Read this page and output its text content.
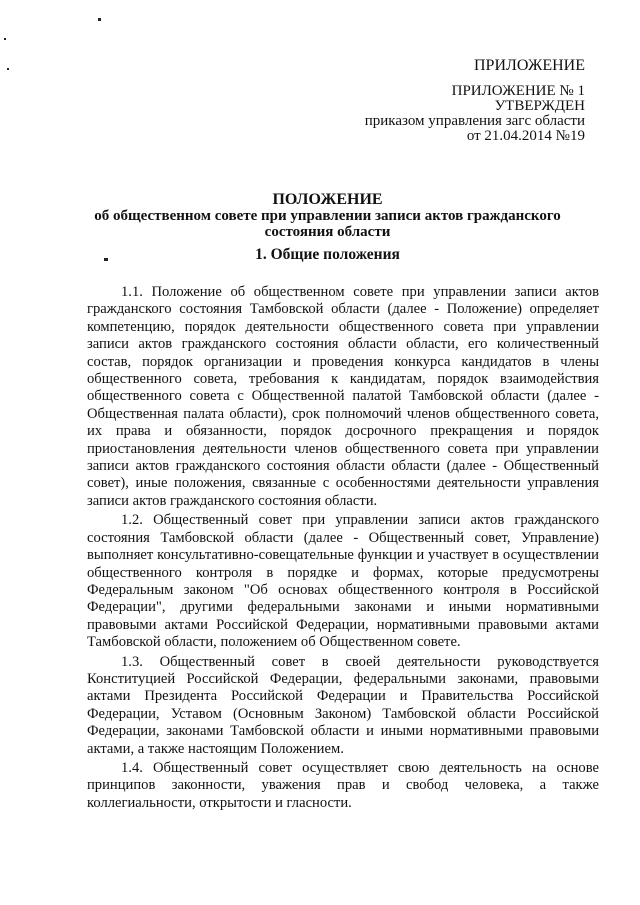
ПРИЛОЖЕНИЕ
ПРИЛОЖЕНИЕ № 1
УТВЕРЖДЕН
приказом управления загс области
от 21.04.2014 №19
ПОЛОЖЕНИЕ
об общественном совете при управлении записи актов гражданского
состояния области
1. Общие положения

1.1. Положение об общественном совете при управлении записи актов гражданского состояния Тамбовской области (далее - Положение) определяет компетенцию, порядок деятельности общественного совета при управлении записи актов гражданского состояния области области, его количественный состав, порядок организации и проведения конкурса кандидатов в члены общественного совета, требования к кандидатам, порядок взаимодействия общественного совета с Общественной палатой Тамбовской области (далее - Общественная палата области), срок полномочий членов общественного совета, их права и обязанности, порядок досрочного прекращения и порядок приостановления деятельности членов общественного совета при управлении записи актов гражданского состояния области области (далее - Общественный совет), иные положения, связанные с особенностями деятельности управления записи актов гражданского состояния области.

1.2. Общественный совет при управлении записи актов гражданского состояния Тамбовской области (далее - Общественный совет, Управление) выполняет консультативно-совещательные функции и участвует в осуществлении общественного контроля в порядке и формах, которые предусмотрены Федеральным законом "Об основах общественного контроля в Российской Федерации", другими федеральными законами и иными нормативными правовыми актами Российской Федерации, нормативными правовыми актами Тамбовской области, положением об Общественном совете.

1.3. Общественный совет в своей деятельности руководствуется Конституцией Российской Федерации, федеральными законами, правовыми актами Президента Российской Федерации и Правительства Российской Федерации, Уставом (Основным Законом) Тамбовской области Российской Федерации, законами Тамбовской области и иными нормативными правовыми актами, а также настоящим Положением.

1.4. Общественный совет осуществляет свою деятельность на основе принципов законности, уважения прав и свобод человека, а также коллегиальности, открытости и гласности.
